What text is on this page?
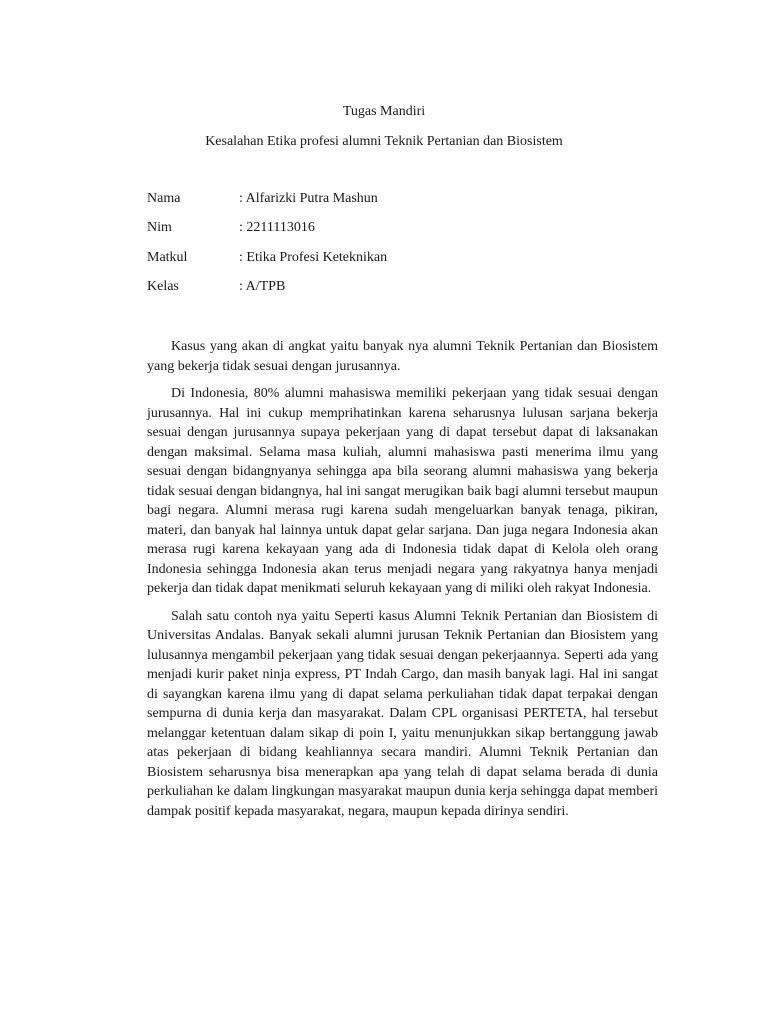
Tugas Mandiri
Kesalahan Etika profesi alumni Teknik Pertanian dan Biosistem
Nama	: Alfarizki Putra Mashun
Nim	: 2211113016
Matkul	: Etika Profesi Keteknikan
Kelas	: A/TPB

Kasus yang akan di angkat yaitu banyak nya alumni Teknik Pertanian dan Biosistem yang bekerja tidak sesuai dengan jurusannya.

Di Indonesia, 80% alumni mahasiswa memiliki pekerjaan yang tidak sesuai dengan jurusannya. Hal ini cukup memprihatinkan karena seharusnya lulusan sarjana bekerja sesuai dengan jurusannya supaya pekerjaan yang di dapat tersebut dapat di laksanakan dengan maksimal. Selama masa kuliah, alumni mahasiswa pasti menerima ilmu yang sesuai dengan bidangnyanya sehingga apa bila seorang alumni mahasiswa yang bekerja tidak sesuai dengan bidangnya, hal ini sangat merugikan baik bagi alumni tersebut maupun bagi negara. Alumni merasa rugi karena sudah mengeluarkan banyak tenaga, pikiran, materi, dan banyak hal lainnya untuk dapat gelar sarjana. Dan juga negara Indonesia akan merasa rugi karena kekayaan yang ada di Indonesia tidak dapat di Kelola oleh orang Indonesia sehingga Indonesia akan terus menjadi negara yang rakyatnya hanya menjadi pekerja dan tidak dapat menikmati seluruh kekayaan yang di miliki oleh rakyat Indonesia.

Salah satu contoh nya yaitu Seperti kasus Alumni Teknik Pertanian dan Biosistem di Universitas Andalas. Banyak sekali alumni jurusan Teknik Pertanian dan Biosistem yang lulusannya mengambil pekerjaan yang tidak sesuai dengan pekerjaannya. Seperti ada yang menjadi kurir paket ninja express, PT Indah Cargo, dan masih banyak lagi. Hal ini sangat di sayangkan karena ilmu yang di dapat selama perkuliahan tidak dapat terpakai dengan sempurna di dunia kerja dan masyarakat. Dalam CPL organisasi PERTETA, hal tersebut melanggar ketentuan dalam sikap di poin I, yaitu menunjukkan sikap bertanggung jawab atas pekerjaan di bidang keahliannya secara mandiri. Alumni Teknik Pertanian dan Biosistem seharusnya bisa menerapkan apa yang telah di dapat selama berada di dunia perkuliahan ke dalam lingkungan masyarakat maupun dunia kerja sehingga dapat memberi dampak positif kepada masyarakat, negara, maupun kepada dirinya sendiri.
